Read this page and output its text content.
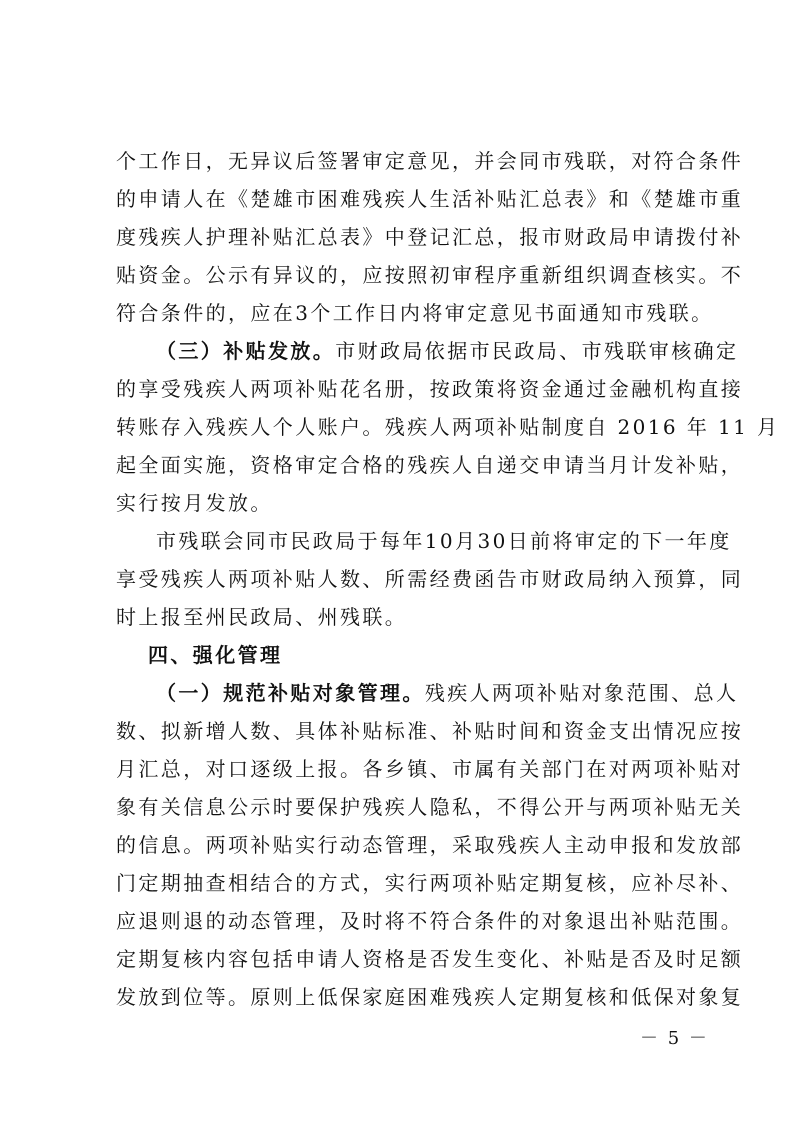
个工作日，无异议后签署审定意见，并会同市残联，对符合条件
的申请人在《楚雄市困难残疾人生活补贴汇总表》和《楚雄市重
度残疾人护理补贴汇总表》中登记汇总，报市财政局申请拨付补
贴资金。公示有异议的，应按照初审程序重新组织调查核实。不
符合条件的，应在3个工作日内将审定意见书面通知市残联。
（三）补贴发放。市财政局依据市民政局、市残联审核确定
的享受残疾人两项补贴花名册，按政策将资金通过金融机构直接
转账存入残疾人个人账户。残疾人两项补贴制度自 2016 年 11 月
起全面实施，资格审定合格的残疾人自递交申请当月计发补贴，
实行按月发放。
市残联会同市民政局于每年10月30日前将审定的下一年度
享受残疾人两项补贴人数、所需经费函告市财政局纳入预算，同
时上报至州民政局、州残联。
四、强化管理
（一）规范补贴对象管理。残疾人两项补贴对象范围、总人
数、拟新增人数、具体补贴标准、补贴时间和资金支出情况应按
月汇总，对口逐级上报。各乡镇、市属有关部门在对两项补贴对
象有关信息公示时要保护残疾人隐私，不得公开与两项补贴无关
的信息。两项补贴实行动态管理，采取残疾人主动申报和发放部
门定期抽查相结合的方式，实行两项补贴定期复核，应补尽补、
应退则退的动态管理，及时将不符合条件的对象退出补贴范围。
定期复核内容包括申请人资格是否发生变化、补贴是否及时足额
发放到位等。原则上低保家庭困难残疾人定期复核和低保对象复
－ 5 －
